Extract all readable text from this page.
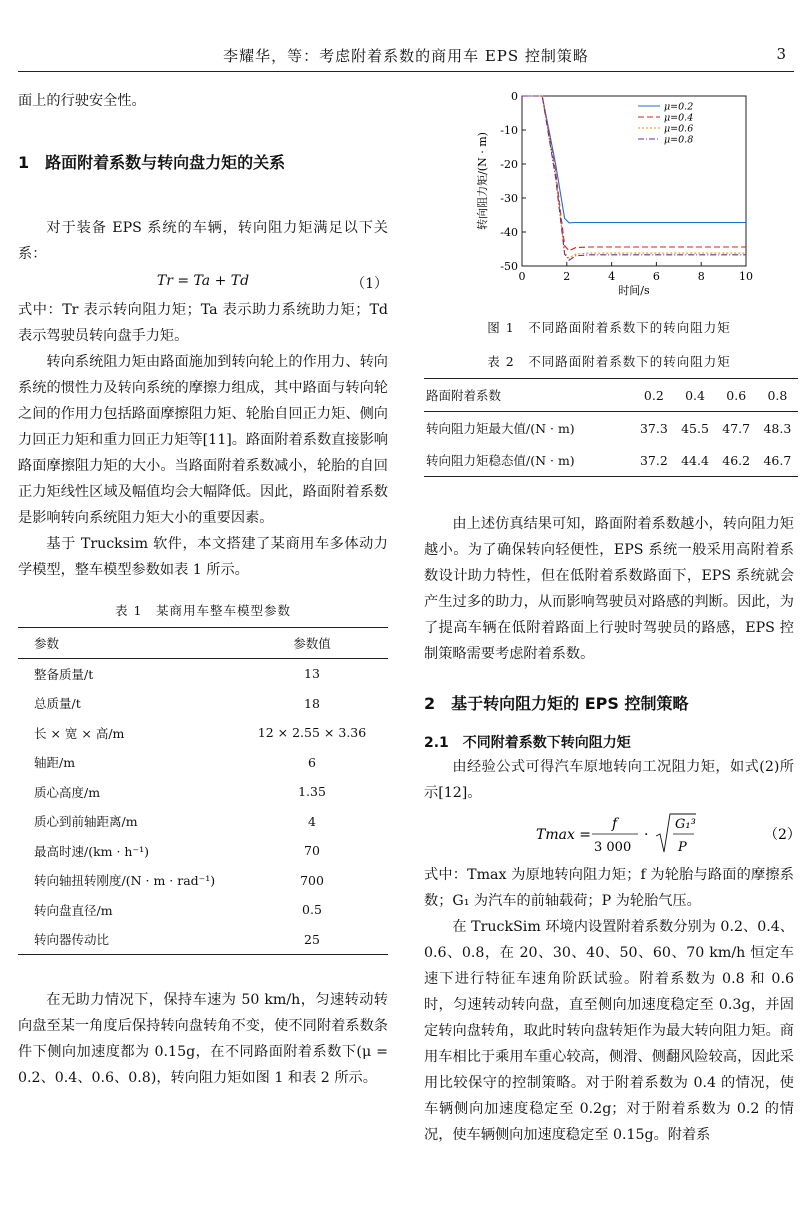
李耀华，等：考虑附着系数的商用车 EPS 控制策略	3

面上的行驶安全性。

1　路面附着系数与转向盘力矩的关系

对于装备 EPS 系统的车辆，转向阻力矩满足以下关系：

Tr = Ta + Td	（1）

式中：Tr 表示转向阻力矩；Ta 表示助力系统助力矩；Td 表示驾驶员转向盘手力矩。

转向系统阻力矩由路面施加到转向轮上的作用力、转向系统的惯性力及转向系统的摩擦力组成，其中路面与转向轮之间的作用力包括路面摩擦阻力矩、轮胎自回正力矩、侧向力回正力矩和重力回正力矩等[11]。路面附着系数直接影响路面摩擦阻力矩的大小。当路面附着系数减小，轮胎的自回正力矩线性区域及幅值均会大幅降低。因此，路面附着系数是影响转向系统阻力矩大小的重要因素。

基于 Trucksim 软件，本文搭建了某商用车多体动力学模型，整车模型参数如表 1 所示。

表 1　某商用车整车模型参数
参数	参数值
整备质量/t	13
总质量/t	18
长 × 宽 × 高/m	12 × 2.55 × 3.36
轴距/m	6
质心高度/m	1.35
质心到前轴距离/m	4
最高时速/(km · h⁻¹)	70
转向轴扭转刚度/(N · m · rad⁻¹)	700
转向盘直径/m	0.5
转向器传动比	25

在无助力情况下，保持车速为 50 km/h，匀速转动转向盘至某一角度后保持转向盘转角不变，使不同附着系数条件下侧向加速度都为 0.15g，在不同路面附着系数下(μ = 0.2、0.4、0.6、0.8)，转向阻力矩如图 1 和表 2 所示。

0	2	4	6	8	10
0
-10
-20
-30
-40
-50
时间/s
转向阻力矩/(N · m)
μ=0.2
μ=0.4
μ=0.6
μ=0.8
图 1　不同路面附着系数下的转向阻力矩
表 2　不同路面附着系数下的转向阻力矩
路面附着系数	0.2	0.4	0.6	0.8
转向阻力矩最大值/(N · m)	37.3	45.5	47.7	48.3
转向阻力矩稳态值/(N · m)	37.2	44.4	46.2	46.7

由上述仿真结果可知，路面附着系数越小，转向阻力矩越小。为了确保转向轻便性，EPS 系统一般采用高附着系数设计助力特性，但在低附着系数路面下，EPS 系统就会产生过多的助力，从而影响驾驶员对路感的判断。因此，为了提高车辆在低附着路面上行驶时驾驶员的路感，EPS 控制策略需要考虑附着系数。

2　基于转向阻力矩的 EPS 控制策略
2.1　不同附着系数下转向阻力矩

由经验公式可得汽车原地转向工况阻力矩，如式(2)所示[12]。

Tmax =
f
3 000
·
G₁³
P
（2）

式中：Tmax 为原地转向阻力矩；f 为轮胎与路面的摩擦系数；G₁ 为汽车的前轴载荷；P 为轮胎气压。

在 TruckSim 环境内设置附着系数分别为 0.2、0.4、0.6、0.8，在 20、30、40、50、60、70 km/h 恒定车速下进行特征车速角阶跃试验。附着系数为 0.8 和 0.6 时，匀速转动转向盘，直至侧向加速度稳定至 0.3g，并固定转向盘转角，取此时转向盘转矩作为最大转向阻力矩。商用车相比于乘用车重心较高，侧滑、侧翻风险较高，因此采用比较保守的控制策略。对于附着系数为 0.4 的情况，使车辆侧向加速度稳定至 0.2g；对于附着系数为 0.2 的情况，使车辆侧向加速度稳定至 0.15g。附着系
